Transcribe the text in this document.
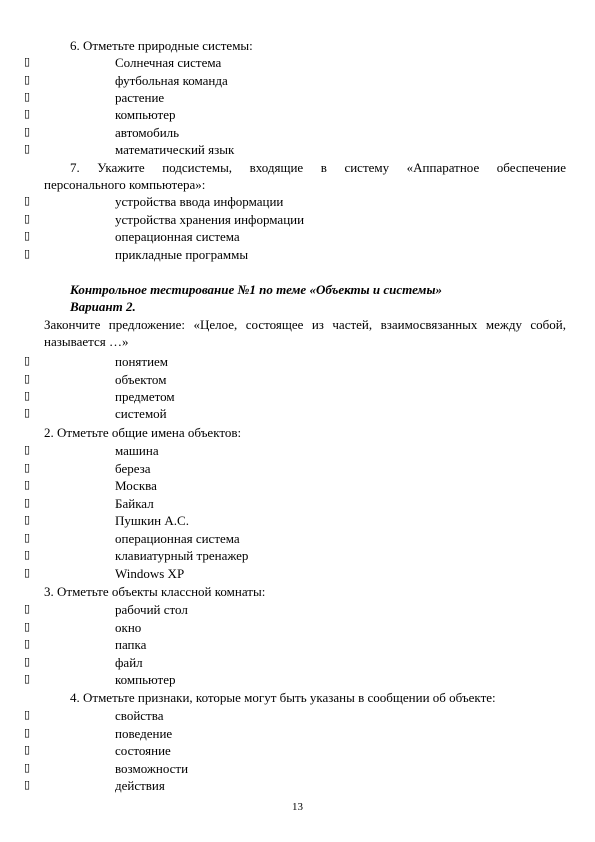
6. Отметьте природные системы:
▯
Солнечная система
▯
футбольная команда
▯
растение
▯
компьютер
▯
автомобиль
▯
математический язык
7. Укажите подсистемы, входящие в систему «Аппаратное обеспечение
персонального компьютера»:
▯
устройства ввода информации
▯
устройства хранения информации
▯
операционная система
▯
прикладные программы
Контрольное тестирование №1 по теме «Объекты и системы»
Вариант 2.
Закончите предложение: «Целое, состоящее из частей, взаимосвязанных между собой,
называется …»
▯
понятием
▯
объектом
▯
предметом
▯
системой
2. Отметьте общие имена объектов:
▯
машина
▯
береза
▯
Москва
▯
Байкал
▯
Пушкин А.С.
▯
операционная система
▯
клавиатурный тренажер
▯
Windows XP
3. Отметьте объекты классной комнаты:
▯
рабочий стол
▯
окно
▯
папка
▯
файл
▯
компьютер
4. Отметьте признаки, которые могут быть указаны в сообщении об объекте:
▯
свойства
▯
поведение
▯
состояние
▯
возможности
▯
действия
13
